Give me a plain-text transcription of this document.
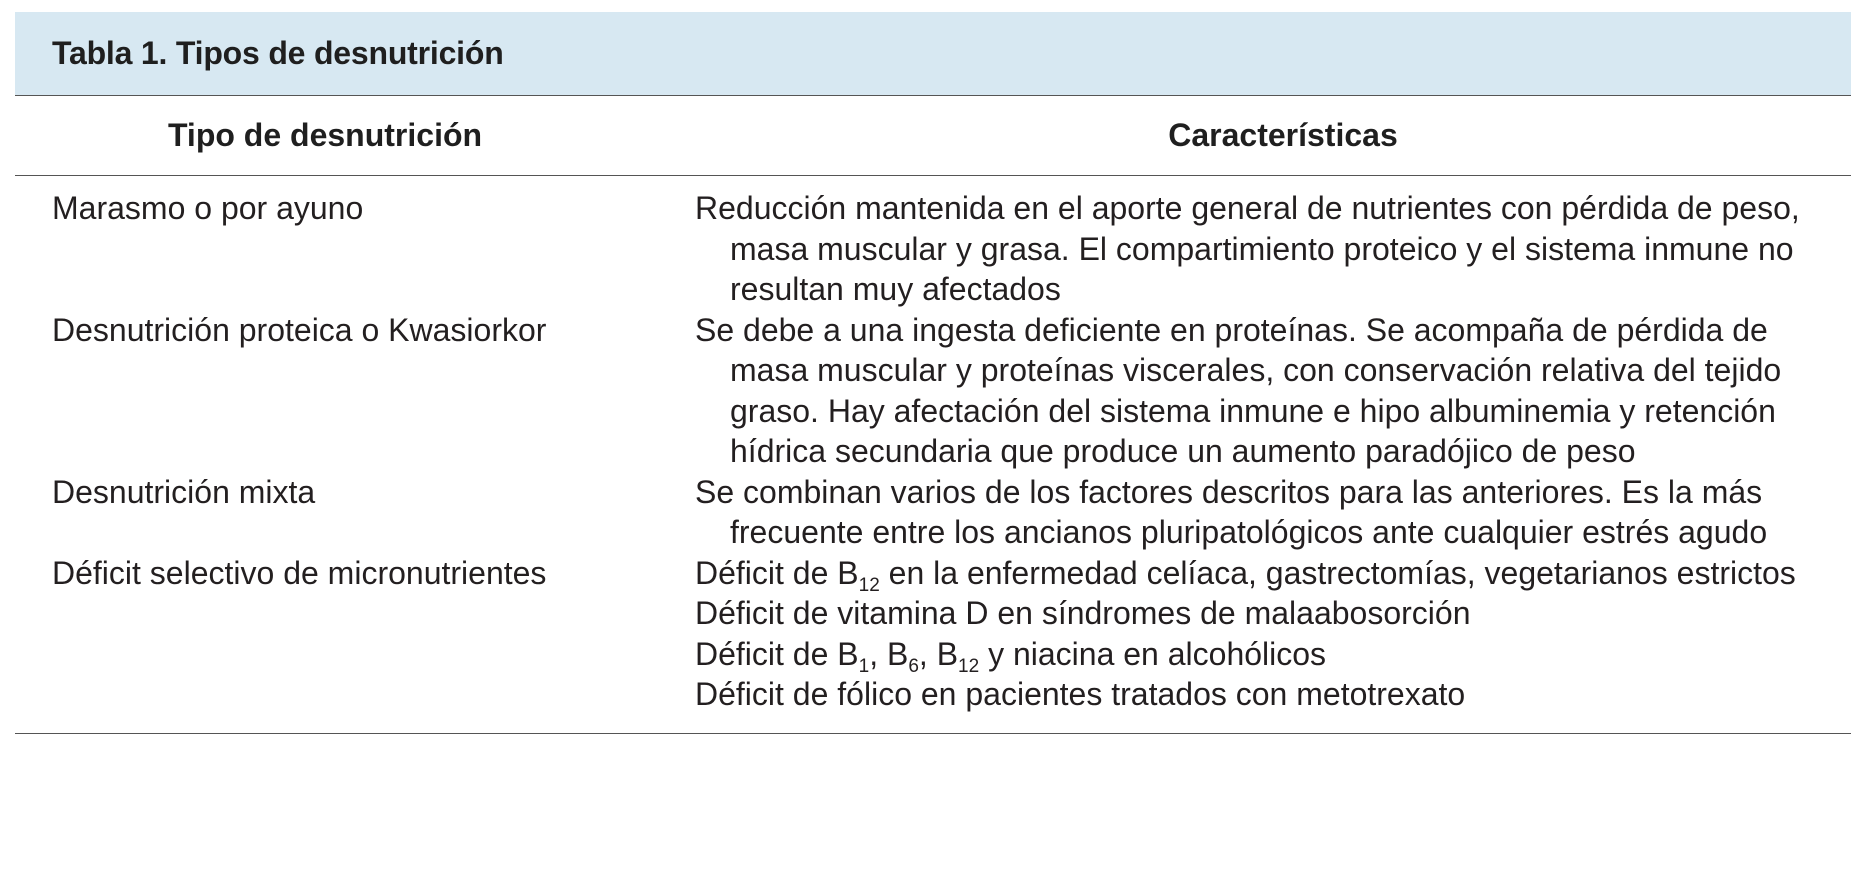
Tabla 1. Tipos de desnutrición
Tipo de desnutrición	Características
Marasmo o por ayuno	Reducción mantenida en el aporte general de nutrientes con pérdida de peso, masa muscular y grasa. El compartimiento proteico y el sistema inmune no resultan muy afectados
Desnutrición proteica o Kwasiorkor	Se debe a una ingesta deficiente en proteínas. Se acompaña de pérdida de masa muscular y proteínas viscerales, con conservación relativa del tejido graso. Hay afectación del sistema inmune e hipo albuminemia y retención hídrica secundaria que produce un aumento paradójico de peso
Desnutrición mixta	Se combinan varios de los factores descritos para las anteriores. Es la más frecuente entre los ancianos pluripatológicos ante cualquier estrés agudo
Déficit selectivo de micronutrientes	Déficit de $B_{12}$ en la enfermedad celíaca, gastrectomías, vegetarianos estrictos
Déficit de vitamina D en síndromes de malaabosorción
Déficit de $B_1$, $B_6$, $B_{12}$ y niacina en alcohólicos
Déficit de fólico en pacientes tratados con metotrexato
